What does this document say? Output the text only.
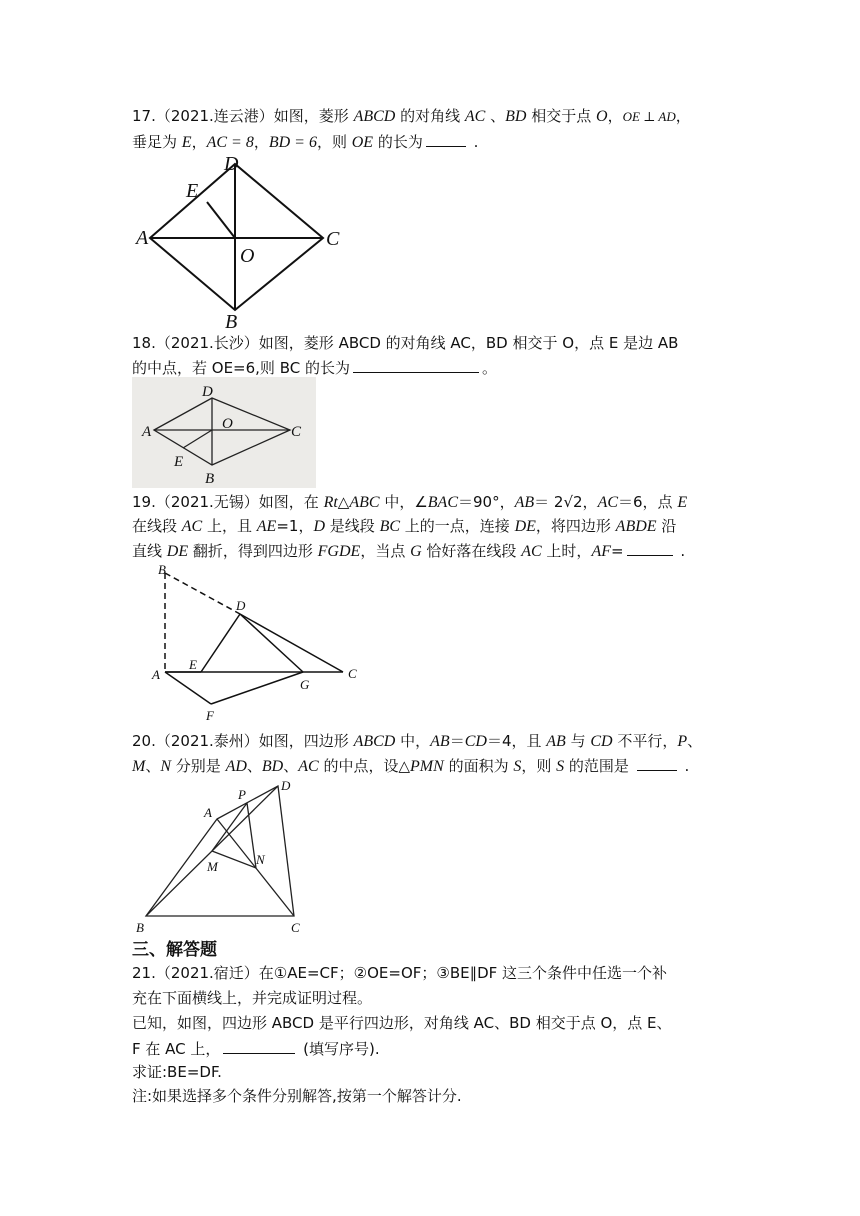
17.（2021.连云港）如图，菱形 ABCD 的对角线 AC 、BD 相交于点 O，OE ⊥ AD，
垂足为 E，AC = 8，BD = 6，则 OE 的长为	.
A
D
E
O
C
B
18.（2021.长沙）如图，菱形 ABCD 的对角线 AC，BD 相交于 O，点 E 是边 AB
的中点，若 OE=6,则 BC 的长为	。
A
D
O	C
E
B
19.（2021.无锡）如图，在 Rt△ABC 中，∠BAC＝90°，AB＝ 2√2，AC＝6，点 E
在线段 AC 上，且 AE=1，D 是线段 BC 上的一点，连接 DE，将四边形 ABDE 沿
直线 DE 翻折，得到四边形 FGDE，当点 G 恰好落在线段 AC 上时，AF=	.
B
D
E
A
G
C
F
20.（2021.泰州）如图，四边形 ABCD 中，AB＝CD＝4，且 AB 与 CD 不平行，P、
M、N 分别是 AD、BD、AC 的中点，设△PMN 的面积为 S，则 S 的范围是	.
A
P
D
M	N
B	C
三、解答题
21.（2021.宿迁）在①AE=CF；②OE=OF；③BE∥DF 这三个条件中任选一个补
充在下面横线上，并完成证明过程。
已知，如图，四边形 ABCD 是平行四边形，对角线 AC、BD 相交于点 O，点 E、
F 在 AC 上，	(填写序号).
求证:BE=DF.
注:如果选择多个条件分别解答,按第一个解答计分.
